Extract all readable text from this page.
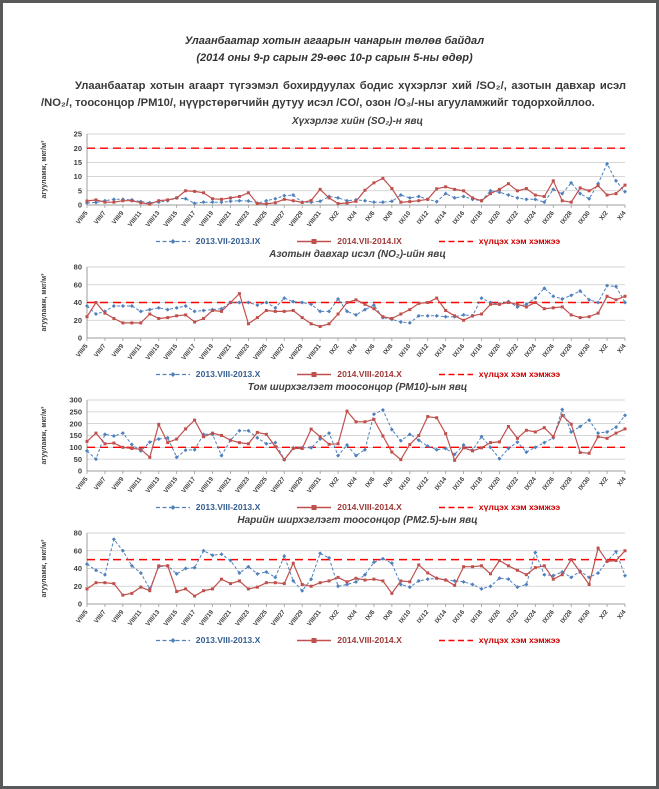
Улаанбаатар хотын агаарын чанарын төлөв байдал
(2014 оны 9-р сарын 29-өөс 10-р сарын 5-ны өдөр)

Улаанбаатар хотын агаарт түгээмэл бохирдуулах бодис хүхэрлэг хий /SO₂/, азотын давхар исэл /NO₂/, тоосонцор /PM10/, нүүрстөрөгчийн дутуу исэл /CO/, озон /O₃/-ны агууламжийг тодорхойллоо.

Хүхэрлэг хийн (SO₂)-н явц
0
5
10
15
20
25
агууламж, мкг/м³
VIII/5 VIII/7 VIII/9 VIII/11 VIII/13 VIII/15 VIII/17 VIII/19 VIII/21 VIII/23 VIII/25 VIII/27 VIII/29 VIII/31 IX/2 IX/4 IX/6 IX/8 IX/10 IX/12 IX/14 IX/16 IX/18 IX/20 IX/22 IX/24 IX/26 IX/28 IX/30 X/2 X/4
2013.VII-2013.IX	2014.VII-2014.IX	хүлцэх хэм хэмжээ
Азотын давхар исэл (NO₂)-ийн явц
0
20
40
60
80
агууламж, мкг/м³
VIII/5 VIII/7 VIII/9 VIII/11 VIII/13 VIII/15 VIII/17 VIII/19 VIII/21 VIII/23 VIII/25 VIII/27 VIII/29 VIII/31 IX/2 IX/4 IX/6 IX/8 IX/10 IX/12 IX/14 IX/16 IX/18 IX/20 IX/22 IX/24 IX/26 IX/28 IX/30 X/2 X/4
2013.VIII-2013.X	2014.VIII-2014.X	хүлцэх хэм хэмжээ
Том ширхэглэгт тоосонцор (PM10)-ын явц
0
50
100
150
200
250
300
агууламж, мкг/м³
VIII/5 VIII/7 VIII/9 VIII/11 VIII/13 VIII/15 VIII/17 VIII/19 VIII/21 VIII/23 VIII/25 VIII/27 VIII/29 VIII/31 IX/2 IX/4 IX/6 IX/8 IX/10 IX/12 IX/14 IX/16 IX/18 IX/20 IX/22 IX/24 IX/26 IX/28 IX/30 X/2 X/4
2013.VIII-2013.X	2014.VIII-2014.X	хүлцэх хэм хэмжээ
Нарийн ширхэглэгт тоосонцор (PM2.5)-ын явц
0
20
40
60
80
агууламж, мкг/м³
VIII/5 VIII/7 VIII/9 VIII/11 VIII/13 VIII/15 VIII/17 VIII/19 VIII/21 VIII/23 VIII/25 VIII/27 VIII/29 VIII/31 IX/2 IX/4 IX/6 IX/8 IX/10 IX/12 IX/14 IX/16 IX/18 IX/20 IX/22 IX/24 IX/26 IX/28 IX/30 X/2 X/4
2013.VIII-2013.X	2014.VIII-2014.X	хүлцэх хэм хэмжээ
